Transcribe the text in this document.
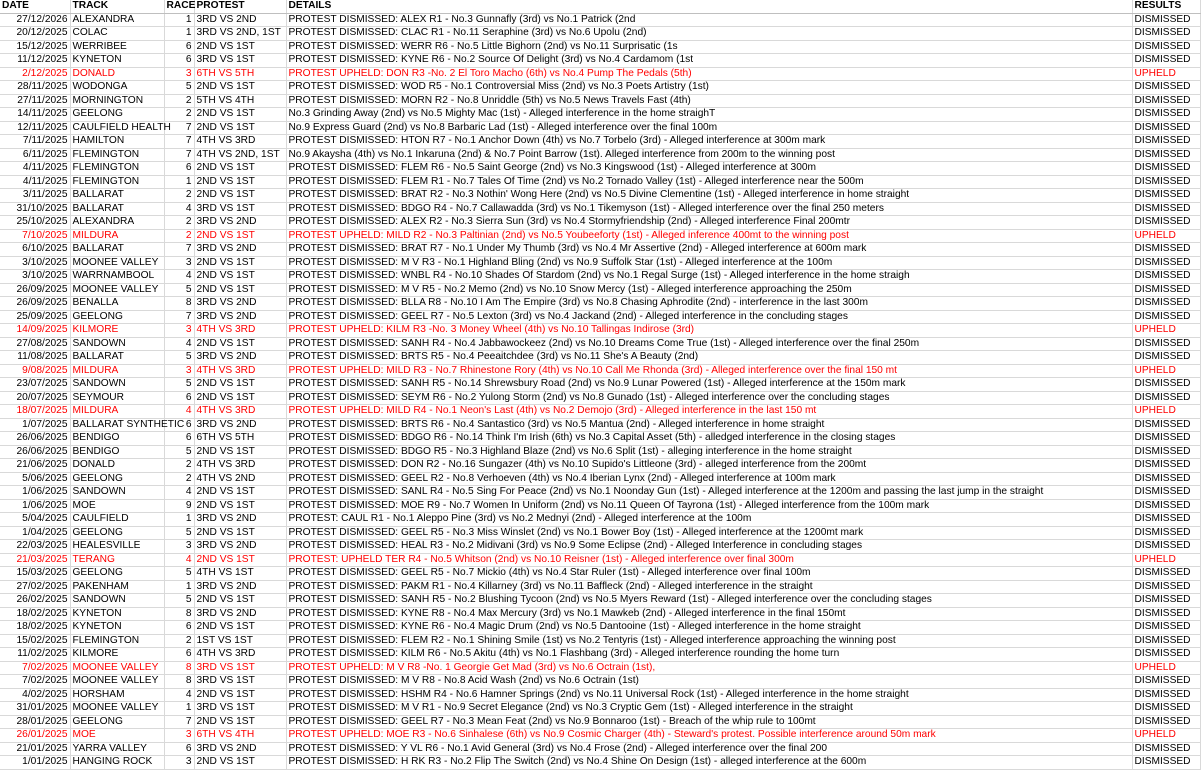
DATE	TRACK	RACE	PROTEST	DETAILS	RESULTS
27/12/2026	ALEXANDRA	1	3RD VS 2ND	PROTEST DISMISSED: ALEX R1 - No.3 Gunnafly (3rd) vs No.1 Patrick (2nd	DISMISSED
20/12/2025	COLAC	1	3RD VS 2ND, 1ST	PROTEST DISMISSED: CLAC R1 - No.11 Seraphine (3rd) vs No.6 Upolu (2nd)	DISMISSED
15/12/2025	WERRIBEE	6	2ND VS 1ST	PROTEST DISMISSED: WERR R6 - No.5 Little Bighorn (2nd) vs No.11 Surprisatic (1s	DISMISSED
11/12/2025	KYNETON	6	3RD VS 1ST	PROTEST DISMISSED: KYNE R6 - No.2 Source Of Delight (3rd) vs No.4 Cardamom (1st	DISMISSED
2/12/2025	DONALD	3	6TH VS 5TH	PROTEST UPHELD: DON R3 -No. 2 El Toro Macho (6th) vs No.4 Pump The Pedals (5th)	UPHELD
28/11/2025	WODONGA	5	2ND VS 1ST	PROTEST DISMISSED: WOD R5 - No.1 Controversial Miss (2nd) vs No.3 Poets Artistry (1st)	DISMISSED
27/11/2025	MORNINGTON	2	5TH VS 4TH	PROTEST DISMISSED: MORN R2 - No.8 Unriddle (5th) vs No.5 News Travels Fast (4th)	DISMISSED
14/11/2025	GEELONG	2	2ND VS 1ST	No.3 Grinding Away (2nd) vs No.5 Mighty Mac (1st) - Alleged interference in the home straighT	DISMISSED
12/11/2025	CAULFIELD HEALTH	7	2ND VS 1ST	No.9 Express Guard (2nd) vs No.8 Barbaric Lad (1st) - Alleged interference over the final 100m	DISMISSED
7/11/2025	HAMILTON	7	4TH VS 3RD	PROTEST DISMISSED: HTON R7 - No.1 Anchor Down (4th) vs No.7 Torbelo (3rd) - Alleged interference at 300m mark	DISMISSED
6/11/2025	FLEMINGTON	7	4TH VS 2ND, 1ST	No.9 Akaysha (4th) vs No.1 Inkaruna (2nd) & No.7 Point Barrow (1st). Alleged interference from 200m to the winning post	DISMISSED
4/11/2025	FLEMINGTON	6	2ND VS 1ST	PROTEST DISMISSED: FLEM R6 - No.5 Saint George (2nd) vs No.3 Kingswood (1st) - Alleged interference at 300m	DISMISSED
4/11/2025	FLEMINGTON	1	2ND VS 1ST	PROTEST DISMISSED: FLEM R1 - No.7 Tales Of Time (2nd) vs No.2 Tornado Valley (1st) - Alleged interference near the 500m	DISMISSED
3/11/2025	BALLARAT	2	2ND VS 1ST	PROTEST DISMISSED: BRAT R2 - No.3 Nothin' Wong Here (2nd) vs No.5 Divine Clementine (1st) - Alleged interference in home straight	DISMISSED
31/10/2025	BALLARAT	4	3RD VS 1ST	PROTEST DISMISSED: BDGO R4 - No.7 Callawadda (3rd) vs No.1 Tikemyson (1st) - Alleged interference over the final 250 meters	DISMISSED
25/10/2025	ALEXANDRA	2	3RD VS 2ND	PROTEST DISMISSED: ALEX R2 - No.3 Sierra Sun (3rd) vs No.4 Stormyfriendship (2nd) - Alleged interference Final 200mtr	DISMISSED
7/10/2025	MILDURA	2	2ND VS 1ST	PROTEST UPHELD: MILD R2 - No.3 Paltinian (2nd) vs No.5 Youbeeforty (1st) - Alleged inference 400mt to the winning post	UPHELD
6/10/2025	BALLARAT	7	3RD VS 2ND	PROTEST DISMISSED: BRAT R7 - No.1 Under My Thumb (3rd) vs No.4 Mr Assertive (2nd) - Alleged interference at 600m mark	DISMISSED
3/10/2025	MOONEE VALLEY	3	2ND VS 1ST	PROTEST DISMISSED: M V R3 - No.1 Highland Bling (2nd) vs No.9 Suffolk Star (1st) - Alleged interference at the 100m	DISMISSED
3/10/2025	WARRNAMBOOL	4	2ND VS 1ST	PROTEST DISMISSED: WNBL R4 - No.10 Shades Of Stardom (2nd) vs No.1 Regal Surge (1st) - Alleged interference in the home straigh	DISMISSED
26/09/2025	MOONEE VALLEY	5	2ND VS 1ST	PROTEST DISMISSED: M V R5 - No.2 Memo (2nd) vs No.10 Snow Mercy (1st) - Alleged interference approaching the 250m	DISMISSED
26/09/2025	BENALLA	8	3RD VS 2ND	PROTEST DISMISSED: BLLA R8 - No.10 I Am The Empire (3rd) vs No.8 Chasing Aphrodite (2nd) - interference in the last 300m	DISMISSED
25/09/2025	GEELONG	7	3RD VS 2ND	PROTEST DISMISSED: GEEL R7 - No.5 Lexton (3rd) vs No.4 Jackand (2nd) - Alleged interference in the concluding stages	DISMISSED
14/09/2025	KILMORE	3	4TH VS 3RD	PROTEST UPHELD: KILM R3 -No. 3 Money Wheel (4th) vs No.10 Tallingas Indirose (3rd)	UPHELD
27/08/2025	SANDOWN	4	2ND VS 1ST	PROTEST DISMISSED: SANH R4 - No.4 Jabbawockeez (2nd) vs No.10 Dreams Come True (1st) - Alleged interference over the final 250m	DISMISSED
11/08/2025	BALLARAT	5	3RD VS 2ND	PROTEST DISMISSED: BRTS R5 - No.4 Peeaitchdee (3rd) vs No.11 She's A Beauty (2nd)	DISMISSED
9/08/2025	MILDURA	3	4TH VS 3RD	PROTEST UPHELD: MILD R3 - No.7 Rhinestone Rory (4th) vs No.10 Call Me Rhonda (3rd) - Alleged interference over the final 150 mt	UPHELD
23/07/2025	SANDOWN	5	2ND VS 1ST	PROTEST DISMISSED: SANH R5 - No.14 Shrewsbury Road (2nd) vs No.9 Lunar Powered (1st) - Alleged interference at the 150m mark	DISMISSED
20/07/2025	SEYMOUR	6	2ND VS 1ST	PROTEST DISMISSED: SEYM R6 - No.2 Yulong Storm (2nd) vs No.8 Gunado (1st) - Alleged interference over the concluding stages	DISMISSED
18/07/2025	MILDURA	4	4TH VS 3RD	PROTEST UPHELD: MILD R4 - No.1 Neon's Last (4th) vs No.2 Demojo (3rd) - Alleged interference in the last 150 mt	UPHELD
1/07/2025	BALLARAT SYNTHETIC	6	3RD VS 2ND	PROTEST DISMISSED: BRTS R6 - No.4 Santastico (3rd) vs No.5 Mantua (2nd) - Alleged interference in home straight	DISMISSED
26/06/2025	BENDIGO	6	6TH VS 5TH	PROTEST DISMISSED: BDGO R6 - No.14 Think I'm Irish (6th) vs No.3 Capital Asset (5th) - alledged interference in the closing stages	DISMISSED
26/06/2025	BENDIGO	5	2ND VS 1ST	PROTEST DISMISSED: BDGO R5 - No.3 Highland Blaze (2nd) vs No.6 Split (1st) - alleging interference in the home straight	DISMISSED
21/06/2025	DONALD	2	4TH VS 3RD	PROTEST DISMISSED: DON R2 - No.16 Sungazer (4th) vs No.10 Supido's Littleone (3rd) - alleged interference from the 200mt	DISMISSED
5/06/2025	GEELONG	2	4TH VS 2ND	PROTEST DISMISSED: GEEL R2 - No.8 Verhoeven (4th) vs No.4 Iberian Lynx (2nd) - Alleged interference at 100m mark	DISMISSED
1/06/2025	SANDOWN	4	2ND VS 1ST	PROTEST DISMISSED: SANL R4 - No.5 Sing For Peace (2nd) vs No.1 Noonday Gun (1st) - Alleged interference at the 1200m and passing the last jump in the straight	DISMISSED
1/06/2025	MOE	9	2ND VS 1ST	PROTEST DISMISSED: MOE R9 - No.7 Women In Uniform (2nd) vs No.11 Queen Of Tayrona (1st) - Alleged interference from the 100m mark	DISMISSED
5/04/2025	CAULFIELD	1	3RD VS 2ND	PROTEST: CAUL R1 - No.1 Aleppo Pine (3rd) vs No.2 Mednyi (2nd) - Alleged interference at the 100m	DISMISSED
1/04/2025	GEELONG	5	2ND VS 1ST	PROTEST DISMISSED: GEEL R5 - No.3 Miss Winslet (2nd) vs No.1 Bower Boy (1st) - Alleged interference at the 1200mt mark	DISMISSED
22/03/2025	HEALESVILLE	3	3RD VS 2ND	PROTEST DISMISSED: HEAL R3 - No.2 Midivani (3rd) vs No.9 Some Eclipse (2nd) - Alleged Interference in concluding stages	DISMISSED
21/03/2025	TERANG	4	2ND VS 1ST	PROTEST: UPHELD TER R4 - No.5 Whitson (2nd) vs No.10 Reisner (1st) - Alleged interference over final 300m	UPHELD
15/03/2025	GEELONG	5	4TH VS 1ST	PROTEST DISMISSED: GEEL R5 - No.7 Mickio (4th) vs No.4 Star Ruler (1st) - Alleged interference over final 100m	DISMISSED
27/02/2025	PAKENHAM	1	3RD VS 2ND	PROTEST DISMISSED: PAKM R1 - No.4 Killarney (3rd) vs No.11 Baffleck (2nd) - Alleged interference in the straight	DISMISSED
26/02/2025	SANDOWN	5	2ND VS 1ST	PROTEST DISMISSED: SANH R5 - No.2 Blushing Tycoon (2nd) vs No.5 Myers Reward (1st) - Alleged interference over the concluding stages	DISMISSED
18/02/2025	KYNETON	8	3RD VS 2ND	PROTEST DISMISSED: KYNE R8 - No.4 Max Mercury (3rd) vs No.1 Mawkeb (2nd) - Alleged interference in the final 150mt	DISMISSED
18/02/2025	KYNETON	6	2ND VS 1ST	PROTEST DISMISSED: KYNE R6 - No.4 Magic Drum (2nd) vs No.5 Dantooine (1st) - Alleged interference in the home straight	DISMISSED
15/02/2025	FLEMINGTON	2	1ST VS 1ST	PROTEST DISMISSED: FLEM R2 - No.1 Shining Smile (1st) vs No.2 Tentyris (1st) - Alleged interference approaching the winning post	DISMISSED
11/02/2025	KILMORE	6	4TH VS 3RD	PROTEST DISMISSED: KILM R6 - No.5 Akitu (4th) vs No.1 Flashbang (3rd) - Alleged interference rounding the home turn	DISMISSED
7/02/2025	MOONEE VALLEY	8	3RD VS 1ST	PROTEST UPHELD: M V R8 -No. 1 Georgie Get Mad (3rd) vs No.6 Octrain (1st),	UPHELD
7/02/2025	MOONEE VALLEY	8	3RD VS 1ST	PROTEST DISMISSED: M V R8 - No.8 Acid Wash (2nd) vs No.6 Octrain (1st)	DISMISSED
4/02/2025	HORSHAM	4	2ND VS 1ST	PROTEST DISMISSED: HSHM R4 - No.6 Hamner Springs (2nd) vs No.11 Universal Rock (1st) - Alleged interference in the home straight	DISMISSED
31/01/2025	MOONEE VALLEY	1	3RD VS 1ST	PROTEST DISMISSED: M V R1 - No.9 Secret Elegance (2nd) vs No.3 Cryptic Gem (1st) - Alleged interference in the straight	DISMISSED
28/01/2025	GEELONG	7	2ND VS 1ST	PROTEST DISMISSED: GEEL R7 - No.3 Mean Feat (2nd) vs No.9 Bonnaroo (1st) - Breach of the whip rule to 100mt	DISMISSED
26/01/2025	MOE	3	6TH VS 4TH	PROTEST UPHELD: MOE R3 - No.6 Sinhalese (6th) vs No.9 Cosmic Charger (4th) - Steward's protest. Possible interference around 50m mark	UPHELD
21/01/2025	YARRA VALLEY	6	3RD VS 2ND	PROTEST DISMISSED: Y VL R6 - No.1 Avid General (3rd) vs No.4 Frose (2nd) - Alleged interference over the final 200	DISMISSED
1/01/2025	HANGING ROCK	3	2ND VS 1ST	PROTEST DISMISSED: H RK R3 - No.2 Flip The Switch (2nd) vs No.4 Shine On Design (1st) - alleged interference at the 600m	DISMISSED
